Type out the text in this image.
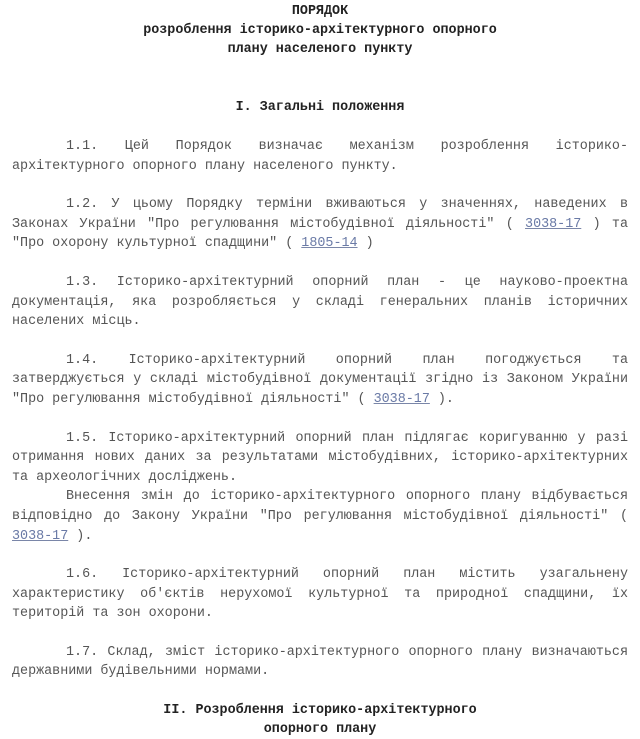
ПОРЯДОК
розроблення історико-архітектурного опорного
плану населеного пункту
I. Загальні положення
1.1. Цей Порядок визначає механізм розроблення історико-архітектурного опорного плану населеного пункту.
1.2. У цьому Порядку терміни вживаються у значеннях, наведених в Законах України "Про регулювання містобудівної діяльності" ( 3038-17 ) та "Про охорону культурної спадщини" ( 1805-14 )
1.3. Історико-архітектурний опорний план - це науково-проектна документація, яка розробляється у складі генеральних планів історичних населених місць.
1.4. Історико-архітектурний опорний план погоджується та затверджується у складі містобудівної документації згідно із Законом України "Про регулювання містобудівної діяльності" ( 3038-17 ).
1.5. Історико-архітектурний опорний план підлягає коригуванню у разі отримання нових даних за результатами містобудівних, історико-архітектурних та археологічних досліджень.
Внесення змін до історико-архітектурного опорного плану відбувається відповідно до Закону України "Про регулювання містобудівної діяльності" ( 3038-17 ).
1.6. Історико-архітектурний опорний план містить узагальнену характеристику об'єктів нерухомої культурної та природної спадщини, їх територій та зон охорони.
1.7. Склад, зміст історико-архітектурного опорного плану визначаються державними будівельними нормами.
II. Розроблення історико-архітектурного
опорного плану
